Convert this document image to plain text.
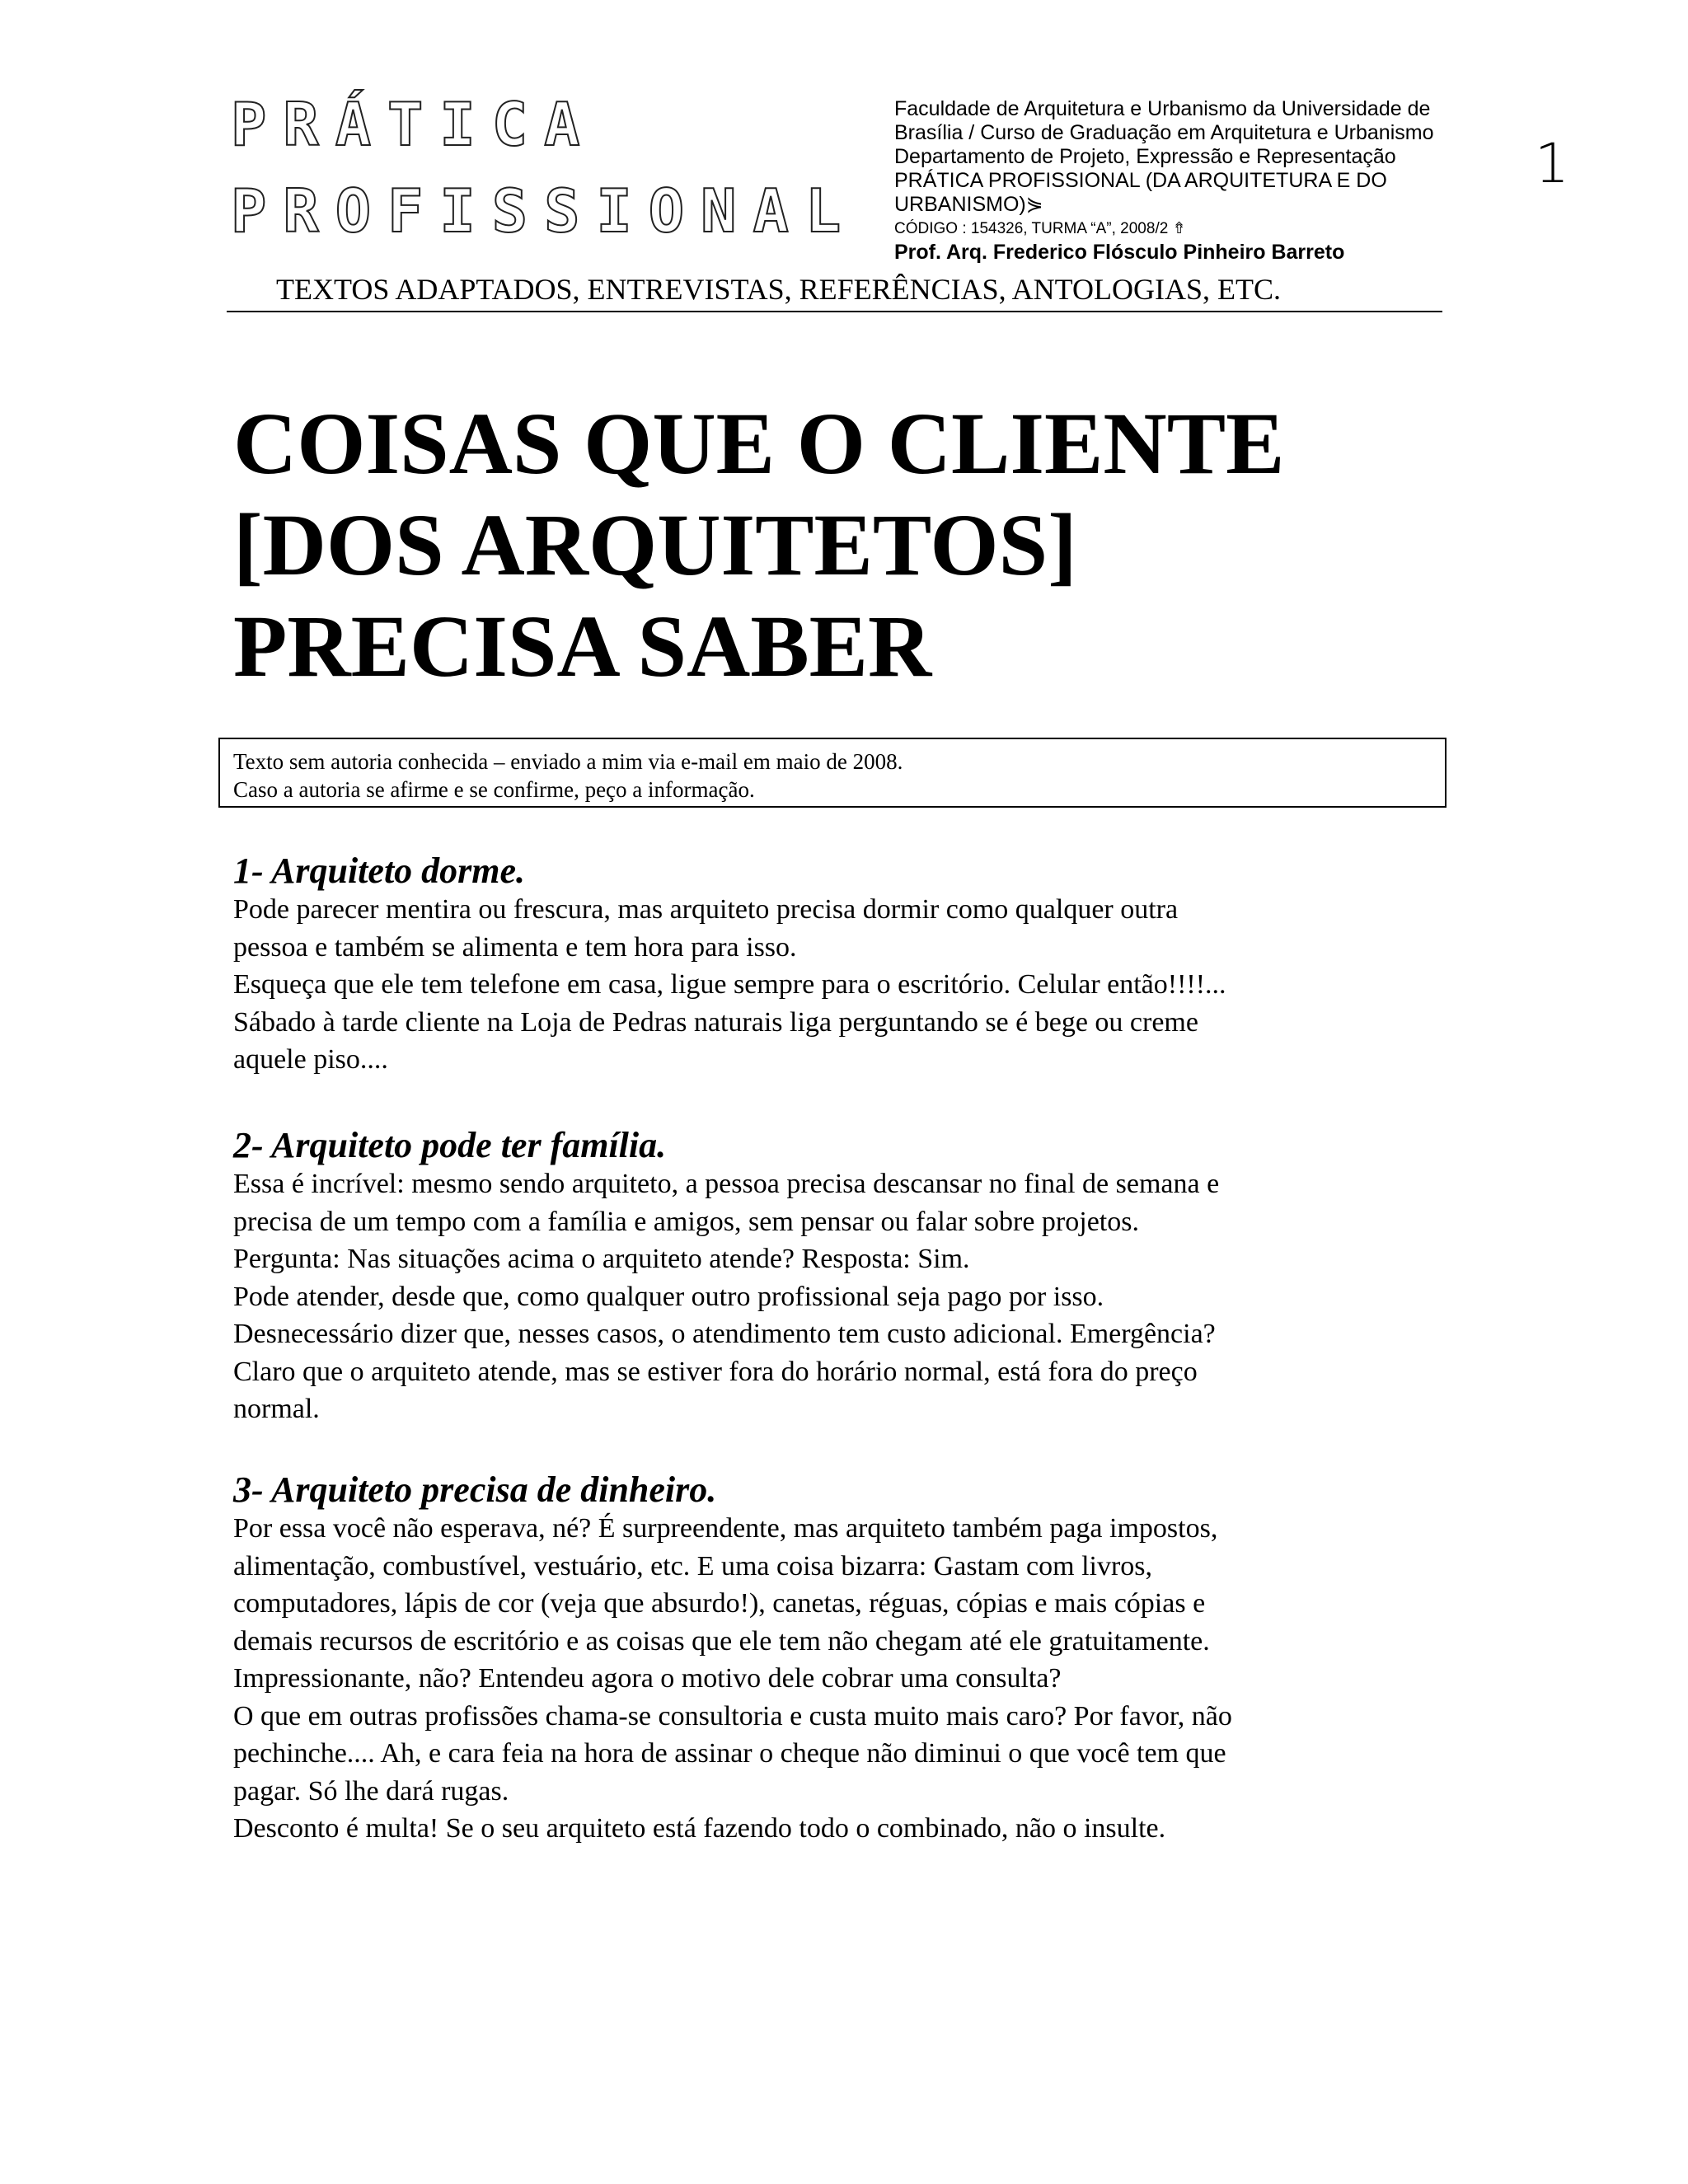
PRÁTICA
PROFISSIONAL
Faculdade de Arquitetura e Urbanismo da Universidade de
Brasília / Curso de Graduação em Arquitetura e Urbanismo
Departamento de Projeto, Expressão e Representação
PRÁTICA PROFISSIONAL (DA ARQUITETURA E DO
URBANISMO)⋟
CÓDIGO : 154326, TURMA “A”, 2008/2 ⇮
Prof. Arq. Frederico Flósculo Pinheiro Barreto
1
TEXTOS ADAPTADOS, ENTREVISTAS, REFERÊNCIAS, ANTOLOGIAS, ETC.
COISAS QUE O CLIENTE
[DOS ARQUITETOS]
PRECISA SABER
Texto sem autoria conhecida – enviado a mim via e-mail em maio de 2008.
Caso a autoria se afirme e se confirme, peço a informação.
1- Arquiteto dorme.
Pode parecer mentira ou frescura, mas arquiteto precisa dormir como qualquer outra
pessoa e também se alimenta e tem hora para isso.
Esqueça que ele tem telefone em casa, ligue sempre para o escritório. Celular então!!!!...
Sábado à tarde cliente na Loja de Pedras naturais liga perguntando se é bege ou creme
aquele piso....
2- Arquiteto pode ter família.
Essa é incrível: mesmo sendo arquiteto, a pessoa precisa descansar no final de semana e
precisa de um tempo com a família e amigos, sem pensar ou falar sobre projetos.
Pergunta: Nas situações acima o arquiteto atende? Resposta: Sim.
Pode atender, desde que, como qualquer outro profissional seja pago por isso.
Desnecessário dizer que, nesses casos, o atendimento tem custo adicional. Emergência?
Claro que o arquiteto atende, mas se estiver fora do horário normal, está fora do preço
normal.
3- Arquiteto precisa de dinheiro.
Por essa você não esperava, né? É surpreendente, mas arquiteto também paga impostos,
alimentação, combustível, vestuário, etc. E uma coisa bizarra: Gastam com livros,
computadores, lápis de cor (veja que absurdo!), canetas, réguas, cópias e mais cópias e
demais recursos de escritório e as coisas que ele tem não chegam até ele gratuitamente.
Impressionante, não? Entendeu agora o motivo dele cobrar uma consulta?
O que em outras profissões chama-se consultoria e custa muito mais caro? Por favor, não
pechinche.... Ah, e cara feia na hora de assinar o cheque não diminui o que você tem que
pagar. Só lhe dará rugas.
Desconto é multa! Se o seu arquiteto está fazendo todo o combinado, não o insulte.
